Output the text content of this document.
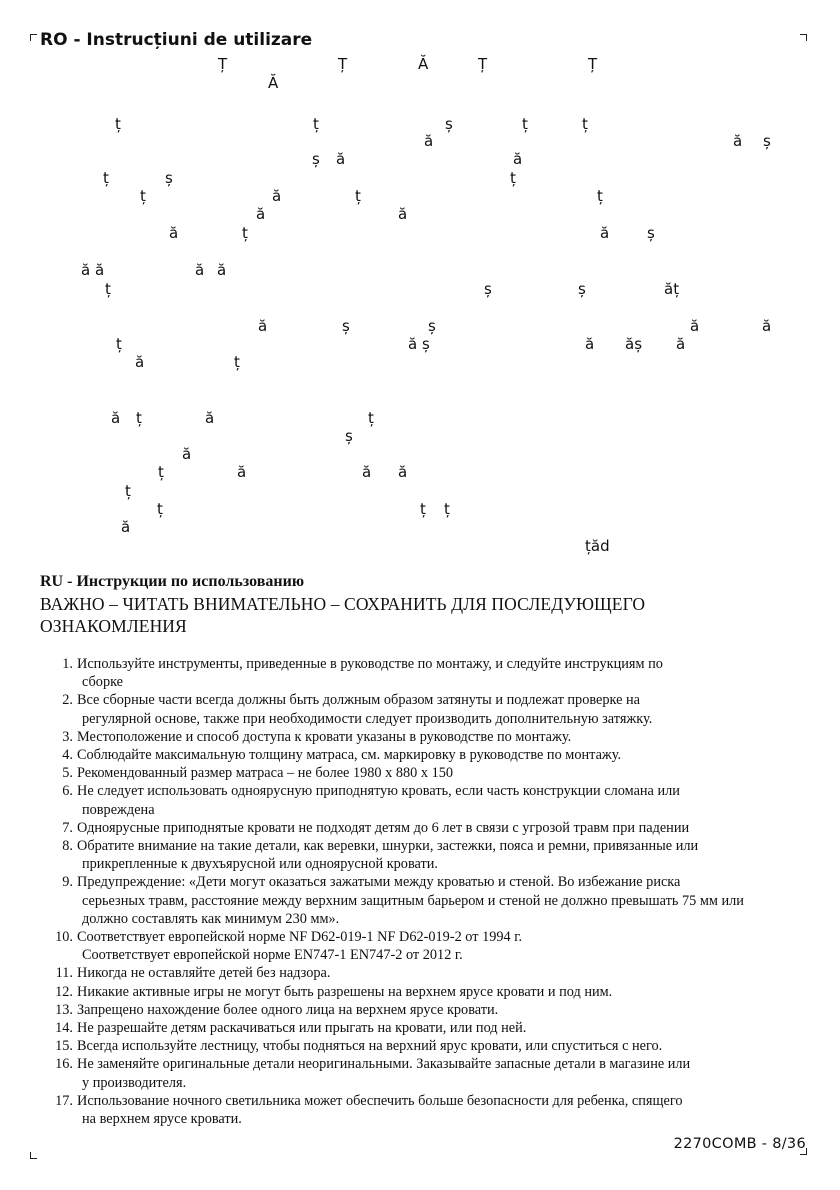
RO - Instrucțiuni de utilizare
Ț	Ț	Ă	Ț	Ț
Ă
ț	ț	ș	ț	ț
ă	ă ș
ș ă	ă
ț	ș	ț
ț	ă	ț	ț
ă	ă
ă	ț	ă	ș
ă ă	ă ă
ț	ș	ș	ăț
ă	ș	ș	ă	ă
ț	ă ș	ă ăș ă
ă	ț
ă ț	ă	ț
ș
ă
ț	ă	ă ă
ț
ț	ț ț
ă
țăd
RU - Инструкции по использованию
ВАЖНО – ЧИТАТЬ ВНИМАТЕЛЬНО – СОХРАНИТЬ ДЛЯ ПОСЛЕДУЮЩЕГО ОЗНАКОМЛЕНИЯ
1. Используйте инструменты, приведенные в руководстве по монтажу, и следуйте инструкциям по
сборке
2. Все сборные части всегда должны быть должным образом затянуты и подлежат проверке на
регулярной основе, также при необходимости следует производить дополнительную затяжку.
3. Местоположение и способ доступа к кровати указаны в руководстве по монтажу.
4. Соблюдайте максимальную толщину матраса, см. маркировку в руководстве по монтажу.
5. Рекомендованный размер матраса – не более 1980 x 880 x 150
6. Не следует использовать одноярусную приподнятую кровать, если часть конструкции сломана или
повреждена
7. Одноярусные приподнятые кровати не подходят детям до 6 лет в связи с угрозой травм при падении
8. Обратите внимание на такие детали, как веревки, шнурки, застежки, пояса и ремни, привязанные или
прикрепленные к двухъярусной или одноярусной кровати.
9. Предупреждение: «Дети могут оказаться зажатыми между кроватью и стеной. Во избежание риска
серьезных травм, расстояние между верхним защитным барьером и стеной не должно превышать 75 мм или должно составлять как минимум 230 мм».
10. Соответствует европейской норме NF D62-019-1 NF D62-019-2 от 1994 г.
Соответствует европейской норме EN747-1 EN747-2 от 2012 г.
11. Никогда не оставляйте детей без надзора.
12. Никакие активные игры не могут быть разрешены на верхнем ярусе кровати и под ним.
13. Запрещено нахождение более одного лица на верхнем ярусе кровати.
14. Не разрешайте детям раскачиваться или прыгать на кровати, или под ней.
15. Всегда используйте лестницу, чтобы подняться на верхний ярус кровати, или спуститься с него.
16. Не заменяйте оригинальные детали неоригинальными. Заказывайте запасные детали в магазине или
у производителя.
17. Использование ночного светильника может обеспечить больше безопасности для ребенка, спящего
на верхнем ярусе кровати.
2270COMB - 8/36
